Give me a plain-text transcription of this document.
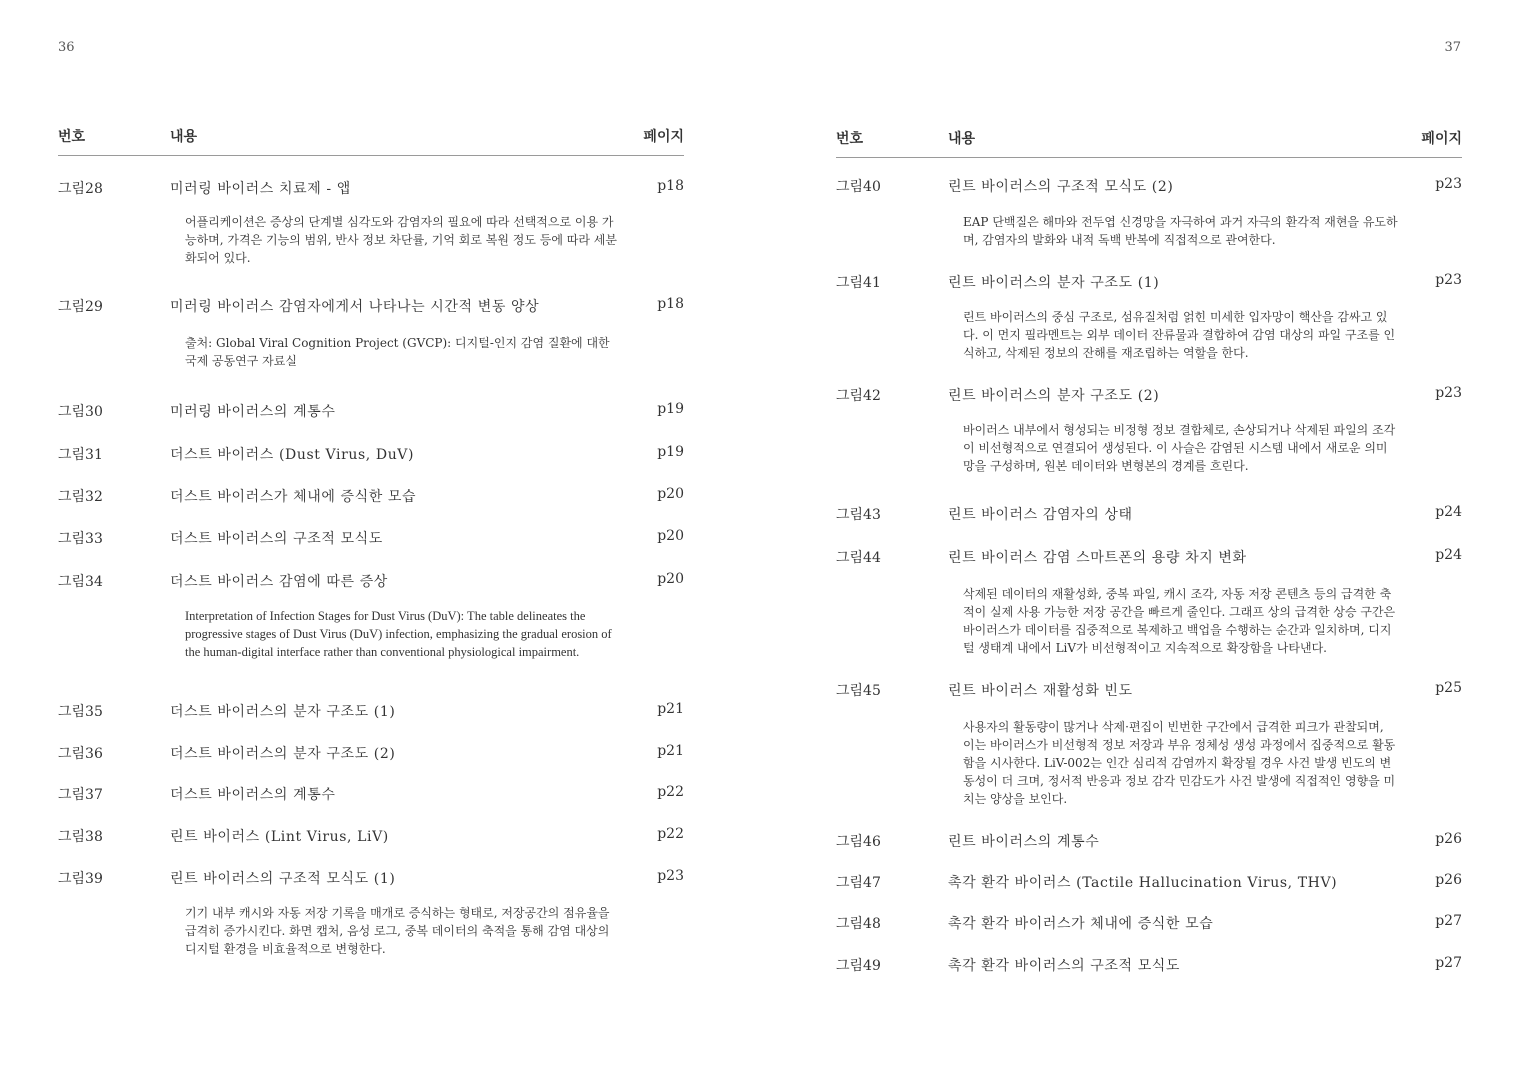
36
번호	내용	페이지
그림28	미러링 바이러스 치료제 - 앱	p18
어플리케이션은 증상의 단계별 심각도와 감염자의 필요에 따라 선택적으로 이용 가능하며, 가격은 기능의 범위, 반사 정보 차단률, 기억 회로 복원 정도 등에 따라 세분화되어 있다.
그림29	미러링 바이러스 감염자에게서 나타나는 시간적 변동 양상	p18
출처: Global Viral Cognition Project (GVCP): 디지털-인지 감염 질환에 대한 국제 공동연구 자료실
그림30	미러링 바이러스의 계통수	p19
그림31	더스트 바이러스 (Dust Virus, DuV)	p19
그림32	더스트 바이러스가 체내에 증식한 모습	p20
그림33	더스트 바이러스의 구조적 모식도	p20
그림34	더스트 바이러스 감염에 따른 증상	p20
Interpretation of Infection Stages for Dust Virus (DuV): The table delineates the progressive stages of Dust Virus (DuV) infection, emphasizing the gradual erosion of the human-digital interface rather than conventional physiological impairment.
그림35	더스트 바이러스의 분자 구조도 (1)	p21
그림36	더스트 바이러스의 분자 구조도 (2)	p21
그림37	더스트 바이러스의 계통수	p22
그림38	린트 바이러스 (Lint Virus, LiV)	p22
그림39	린트 바이러스의 구조적 모식도 (1)	p23
기기 내부 캐시와 자동 저장 기록을 매개로 증식하는 형태로, 저장공간의 점유율을 급격히 증가시킨다. 화면 캡처, 음성 로그, 중복 데이터의 축적을 통해 감염 대상의 디지털 환경을 비효율적으로 변형한다.
37
번호	내용	페이지
그림40	린트 바이러스의 구조적 모식도 (2)	p23
EAP 단백질은 해마와 전두엽 신경망을 자극하여 과거 자극의 환각적 재현을 유도하며, 감염자의 발화와 내적 독백 반복에 직접적으로 관여한다.
그림41	린트 바이러스의 분자 구조도 (1)	p23
린트 바이러스의 중심 구조로, 섬유질처럼 얽힌 미세한 입자망이 핵산을 감싸고 있다. 이 먼지 필라멘트는 외부 데이터 잔류물과 결합하여 감염 대상의 파일 구조를 인식하고, 삭제된 정보의 잔해를 재조립하는 역할을 한다.
그림42	린트 바이러스의 분자 구조도 (2)	p23
바이러스 내부에서 형성되는 비정형 정보 결합체로, 손상되거나 삭제된 파일의 조각이 비선형적으로 연결되어 생성된다. 이 사슬은 감염된 시스템 내에서 새로운 의미망을 구성하며, 원본 데이터와 변형본의 경계를 흐린다.
그림43	린트 바이러스 감염자의 상태	p24
그림44	린트 바이러스 감염 스마트폰의 용량 차지 변화	p24
삭제된 데이터의 재활성화, 중복 파일, 캐시 조각, 자동 저장 콘텐츠 등의 급격한 축적이 실제 사용 가능한 저장 공간을 빠르게 줄인다. 그래프 상의 급격한 상승 구간은 바이러스가 데이터를 집중적으로 복제하고 백업을 수행하는 순간과 일치하며, 디지털 생태계 내에서 LiV가 비선형적이고 지속적으로 확장함을 나타낸다.
그림45	린트 바이러스 재활성화 빈도	p25
사용자의 활동량이 많거나 삭제·편집이 빈번한 구간에서 급격한 피크가 관찰되며, 이는 바이러스가 비선형적 정보 저장과 부유 정체성 생성 과정에서 집중적으로 활동함을 시사한다. LiV-002는 인간 심리적 감염까지 확장될 경우 사건 발생 빈도의 변동성이 더 크며, 정서적 반응과 정보 감각 민감도가 사건 발생에 직접적인 영향을 미치는 양상을 보인다.
그림46	린트 바이러스의 계통수	p26
그림47	촉각 환각 바이러스 (Tactile Hallucination Virus, THV)	p26
그림48	촉각 환각 바이러스가 체내에 증식한 모습	p27
그림49	촉각 환각 바이러스의 구조적 모식도	p27
